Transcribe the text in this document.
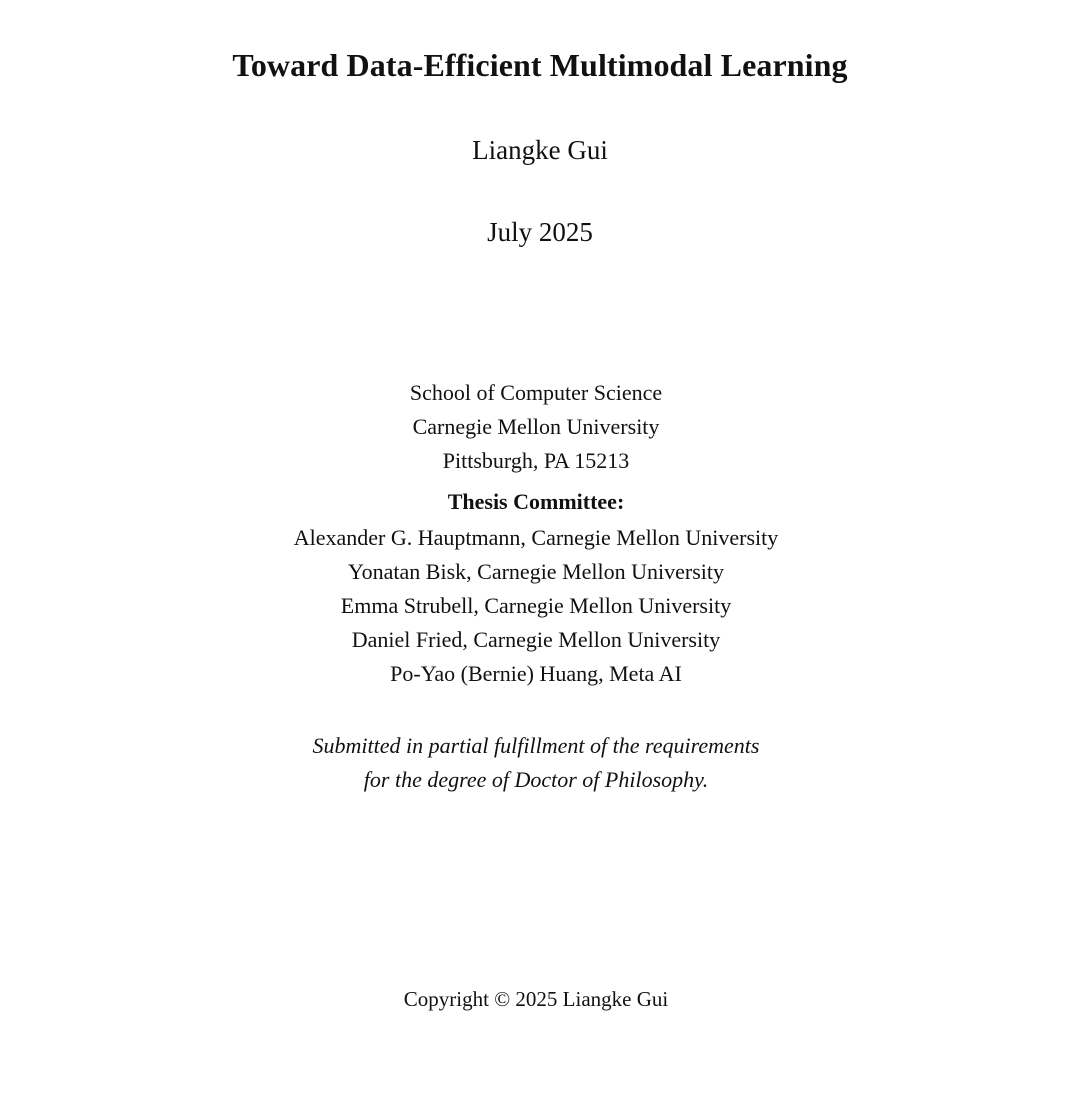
Toward Data-Efficient Multimodal Learning
Liangke Gui
July 2025
School of Computer Science
Carnegie Mellon University
Pittsburgh, PA 15213
Thesis Committee:
Alexander G. Hauptmann, Carnegie Mellon University
Yonatan Bisk, Carnegie Mellon University
Emma Strubell, Carnegie Mellon University
Daniel Fried, Carnegie Mellon University
Po-Yao (Bernie) Huang, Meta AI
Submitted in partial fulfillment of the requirements
for the degree of Doctor of Philosophy.
Copyright © 2025 Liangke Gui
